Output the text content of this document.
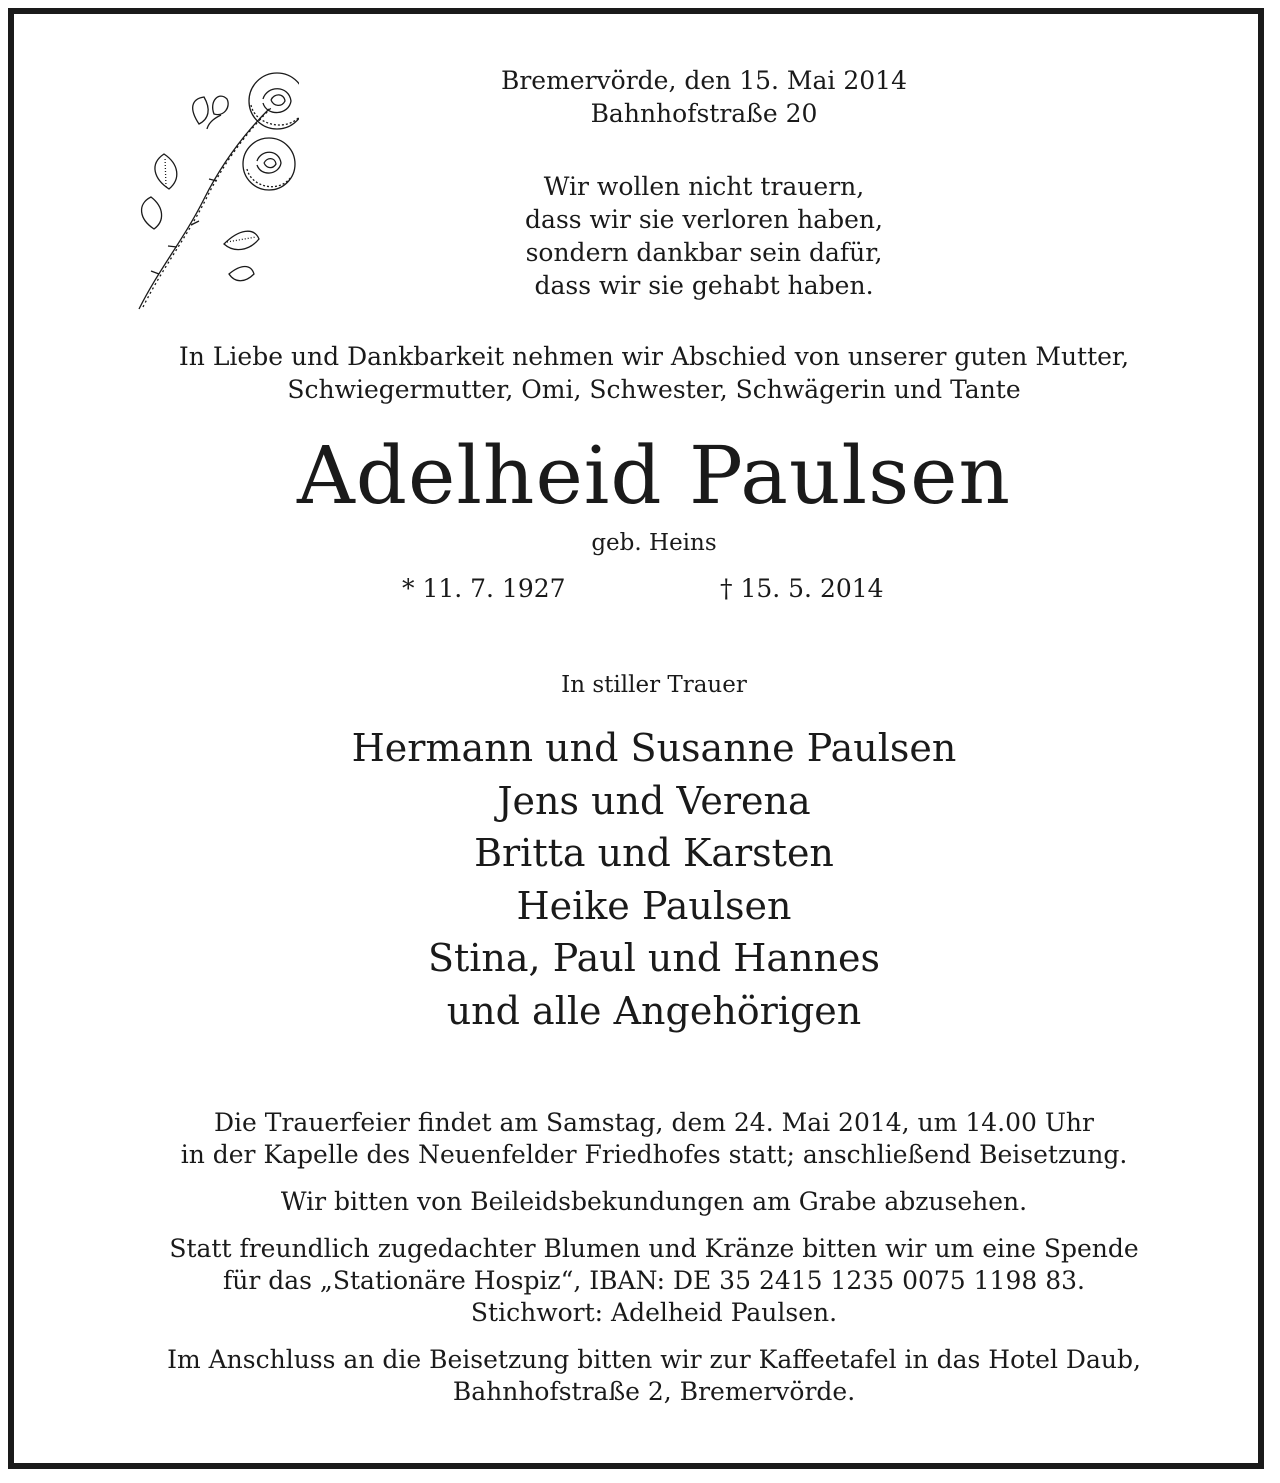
Bremervörde, den 15. Mai 2014
Bahnhofstraße 20
Wir wollen nicht trauern,
dass wir sie verloren haben,
sondern dankbar sein dafür,
dass wir sie gehabt haben.
In Liebe und Dankbarkeit nehmen wir Abschied von unserer guten Mutter,
Schwiegermutter, Omi, Schwester, Schwägerin und Tante
Adelheid Paulsen
geb. Heins
* 11. 7. 1927	† 15. 5. 2014
In stiller Trauer
Hermann und Susanne Paulsen
Jens und Verena
Britta und Karsten
Heike Paulsen
Stina, Paul und Hannes
und alle Angehörigen

Die Trauerfeier findet am Samstag, dem 24. Mai 2014, um 14.00 Uhr
in der Kapelle des Neuenfelder Friedhofes statt; anschließend Beisetzung.

Wir bitten von Beileidsbekundungen am Grabe abzusehen.

Statt freundlich zugedachter Blumen und Kränze bitten wir um eine Spende
für das „Stationäre Hospiz“, IBAN: DE 35 2415 1235 0075 1198 83.
Stichwort: Adelheid Paulsen.

Im Anschluss an die Beisetzung bitten wir zur Kaffeetafel in das Hotel Daub,
Bahnhofstraße 2, Bremervörde.
